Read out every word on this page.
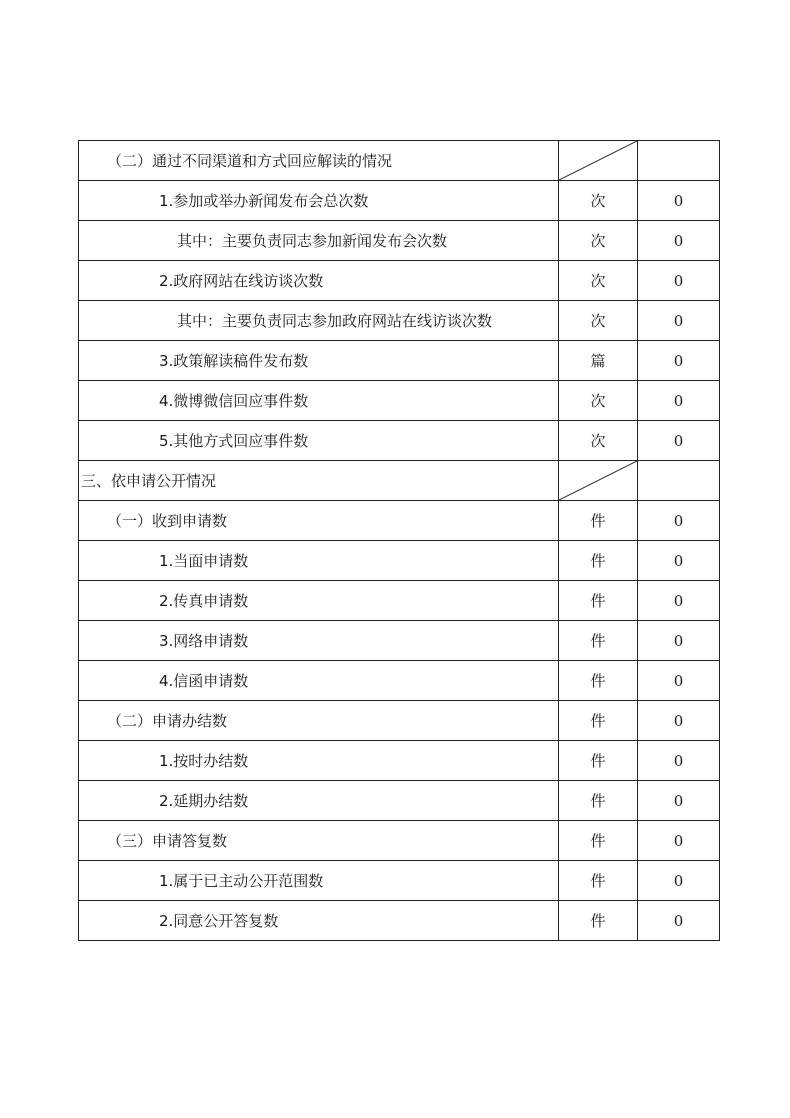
（二）通过不同渠道和方式回应解读的情况	

1.参加或举办新闻发布会总次数	次	0
其中：主要负责同志参加新闻发布会次数	次	0
2.政府网站在线访谈次数	次	0
其中：主要负责同志参加政府网站在线访谈次数	次	0
3.政策解读稿件发布数	篇	0
4.微博微信回应事件数	次	0
5.其他方式回应事件数	次	0
三、依申请公开情况	

（一）收到申请数	件	0
1.当面申请数	件	0
2.传真申请数	件	0
3.网络申请数	件	0
4.信函申请数	件	0
（二）申请办结数	件	0
1.按时办结数	件	0
2.延期办结数	件	0
（三）申请答复数	件	0
1.属于已主动公开范围数	件	0
2.同意公开答复数	件	0
